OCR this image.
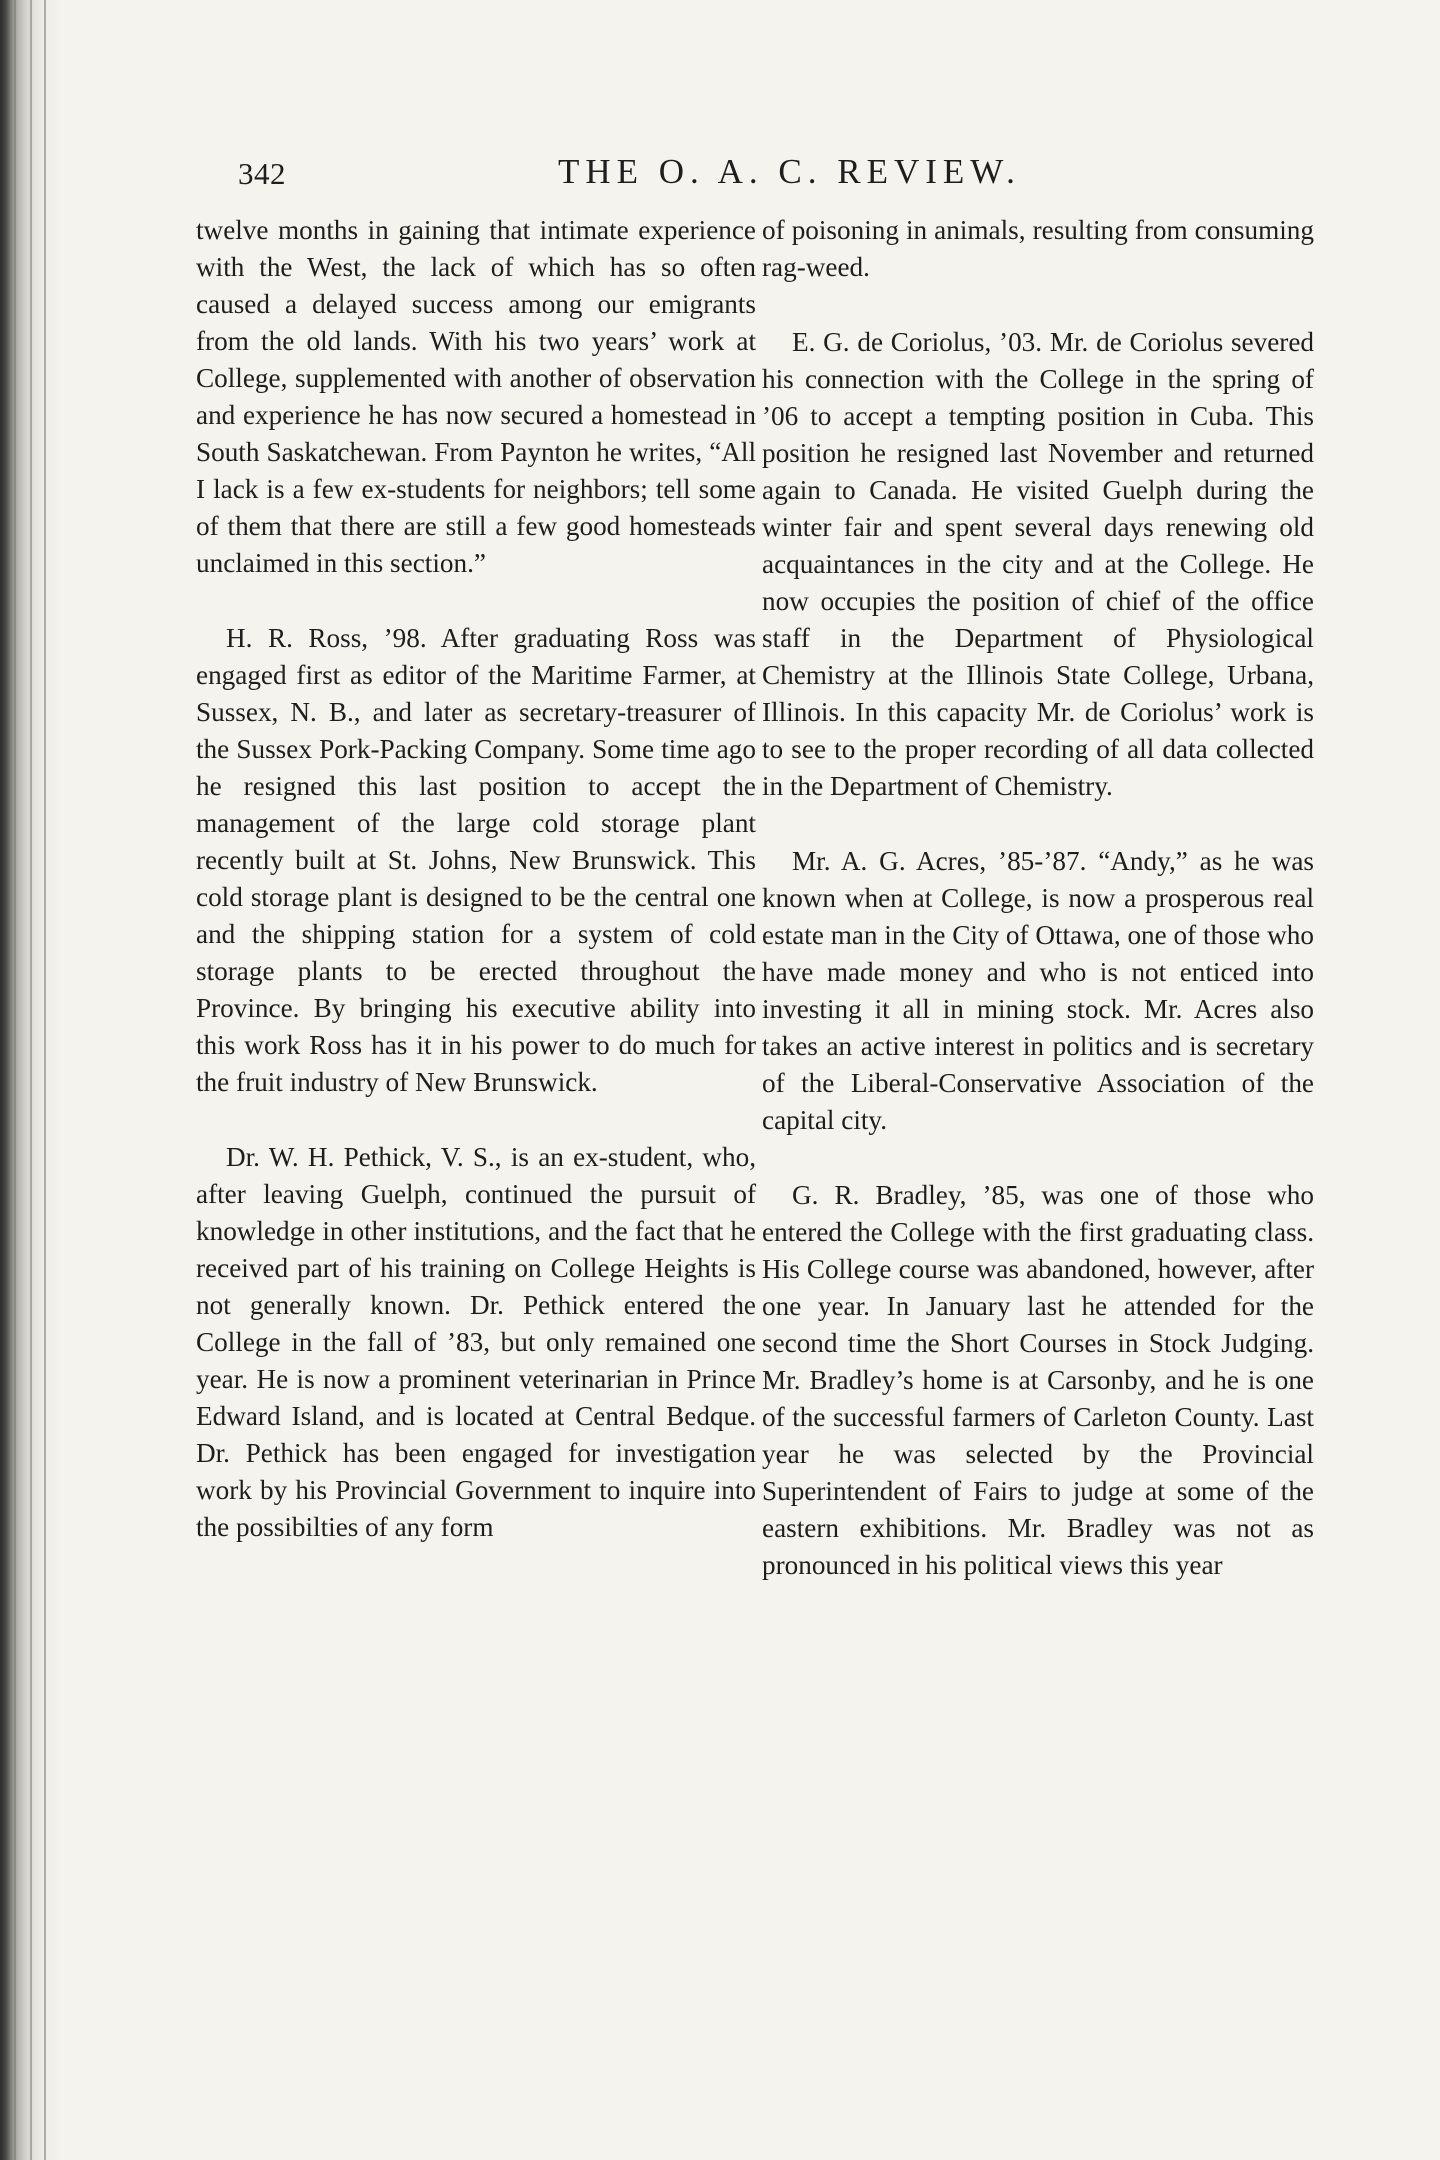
342	THE O. A. C. REVIEW.

twelve months in gaining that intimate experience with the West, the lack of which has so often caused a delayed success among our emigrants from the old lands. With his two years’ work at College, supplemented with another of observation and experience he has now secured a homestead in South Saskatchewan. From Paynton he writes, “All I lack is a few ex-students for neighbors; tell some of them that there are still a few good homesteads unclaimed in this section.”

H. R. Ross, ’98. After graduating Ross was engaged first as editor of the Maritime Farmer, at Sussex, N. B., and later as secretary-treasurer of the Sussex Pork-Packing Company. Some time ago he resigned this last position to accept the management of the large cold storage plant recently built at St. Johns, New Brunswick. This cold storage plant is designed to be the central one and the shipping station for a system of cold storage plants to be erected throughout the Province. By bringing his executive ability into this work Ross has it in his power to do much for the fruit industry of New Brunswick.

Dr. W. H. Pethick, V. S., is an ex-student, who, after leaving Guelph, continued the pursuit of knowledge in other institutions, and the fact that he received part of his training on College Heights is not generally known. Dr. Pethick entered the College in the fall of ’83, but only remained one year. He is now a prominent veterinarian in Prince Edward Island, and is located at Central Bedque. Dr. Pethick has been engaged for investigation work by his Provincial Government to inquire into the possibilties of any form

of poisoning in animals, resulting from consuming rag-weed.

E. G. de Coriolus, ’03. Mr. de Coriolus severed his connection with the College in the spring of ’06 to accept a tempting position in Cuba. This position he resigned last November and returned again to Canada. He visited Guelph during the winter fair and spent several days renewing old acquaintances in the city and at the College. He now occupies the position of chief of the office staff in the Department of Physiological Chemistry at the Illinois State College, Urbana, Illinois. In this capacity Mr. de Coriolus’ work is to see to the proper recording of all data collected in the Department of Chemistry.

Mr. A. G. Acres, ’85-’87. “Andy,” as he was known when at College, is now a prosperous real estate man in the City of Ottawa, one of those who have made money and who is not enticed into investing it all in mining stock. Mr. Acres also takes an active interest in politics and is secretary of the Liberal-Conservative Association of the capital city.

G. R. Bradley, ’85, was one of those who entered the College with the first graduating class. His College course was abandoned, however, after one year. In January last he attended for the second time the Short Courses in Stock Judging. Mr. Bradley’s home is at Carsonby, and he is one of the successful farmers of Carleton County. Last year he was selected by the Provincial Superintendent of Fairs to judge at some of the eastern exhibitions. Mr. Bradley was not as pronounced in his political views this year
